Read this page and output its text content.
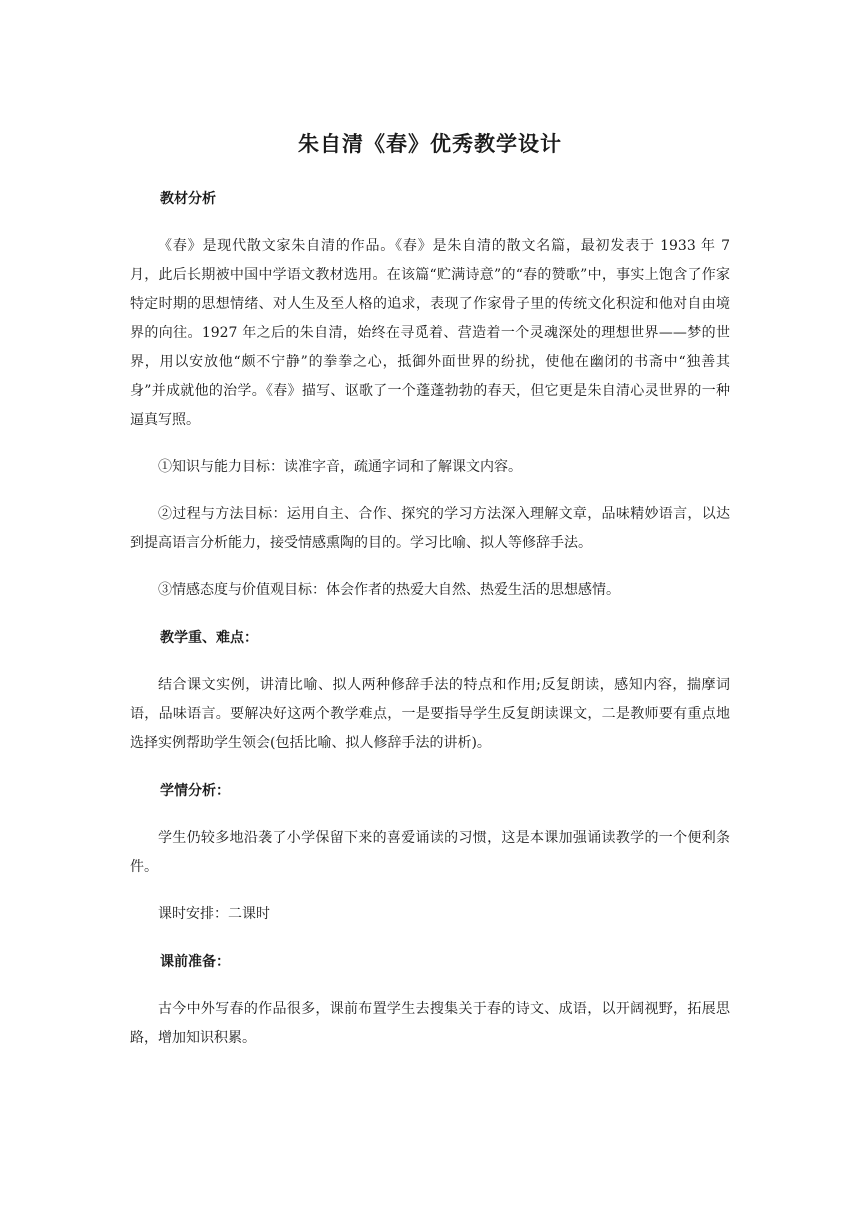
朱自清《春》优秀教学设计
教材分析

《春》是现代散文家朱自清的作品。《春》是朱自清的散文名篇，最初发表于 1933 年 7 月，此后长期被中国中学语文教材选用。在该篇“贮满诗意”的“春的赞歌”中，事实上饱含了作家特定时期的思想情绪、对人生及至人格的追求，表现了作家骨子里的传统文化积淀和他对自由境界的向往。1927 年之后的朱自清，始终在寻觅着、营造着一个灵魂深处的理想世界——梦的世界，用以安放他“颇不宁静”的拳拳之心，抵御外面世界的纷扰，使他在幽闭的书斋中“独善其身”并成就他的治学。《春》描写、讴歌了一个蓬蓬勃勃的春天，但它更是朱自清心灵世界的一种逼真写照。

①知识与能力目标：读准字音，疏通字词和了解课文内容。

②过程与方法目标：运用自主、合作、探究的学习方法深入理解文章，品味精妙语言，以达到提高语言分析能力，接受情感熏陶的目的。学习比喻、拟人等修辞手法。

③情感态度与价值观目标：体会作者的热爱大自然、热爱生活的思想感情。

教学重、难点：

结合课文实例，讲清比喻、拟人两种修辞手法的特点和作用;反复朗读，感知内容，揣摩词语，品味语言。要解决好这两个教学难点，一是要指导学生反复朗读课文，二是教师要有重点地选择实例帮助学生领会(包括比喻、拟人修辞手法的讲析)。

学情分析：

学生仍较多地沿袭了小学保留下来的喜爱诵读的习惯，这是本课加强诵读教学的一个便利条件。

课时安排：二课时

课前准备：

古今中外写春的作品很多，课前布置学生去搜集关于春的诗文、成语，以开阔视野，拓展思路，增加知识积累。
